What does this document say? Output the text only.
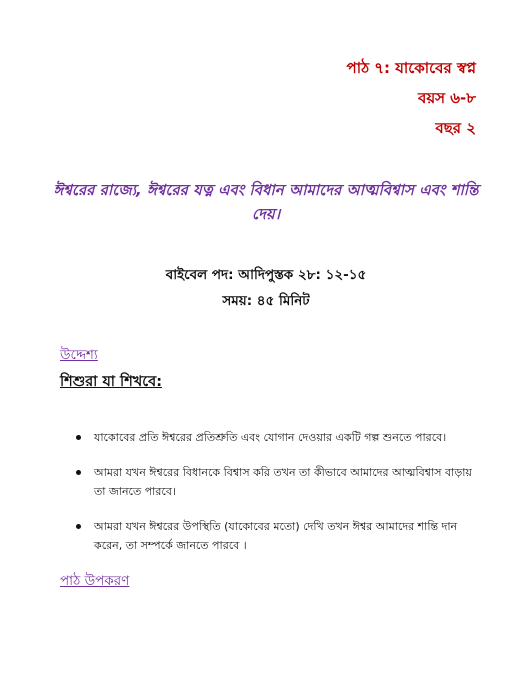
পাঠ ৭: যাকোবের স্বপ্ন
বয়স ৬-৮
বছর ২
ঈশ্বরের রাজ্যে, ঈশ্বরের যত্ন এবং বিধান আমাদের আত্মবিশ্বাস এবং শান্তি দেয়।
বাইবেল পদ: আদিপুস্তক ২৮: ১২-১৫
সময়: ৪৫ মিনিট
উদ্দেশ্য
শিশুরা যা শিখবে:
যাকোবের প্রতি ঈশ্বরের প্রতিশ্রুতি এবং যোগান দেওয়ার একটি গল্প শুনতে পারবে।
আমরা যখন ঈশ্বরের বিধানকে বিশ্বাস করি তখন তা কীভাবে আমাদের আত্মবিশ্বাস বাড়ায় তা জানতে পারবে।
আমরা যখন ঈশ্বরের উপস্থিতি (যাকোবের মতো) দেখি তখন ঈশ্বর আমাদের শান্তি দান করেন, তা সম্পর্কে জানতে পারবে ।
পাঠ উপকরণ
